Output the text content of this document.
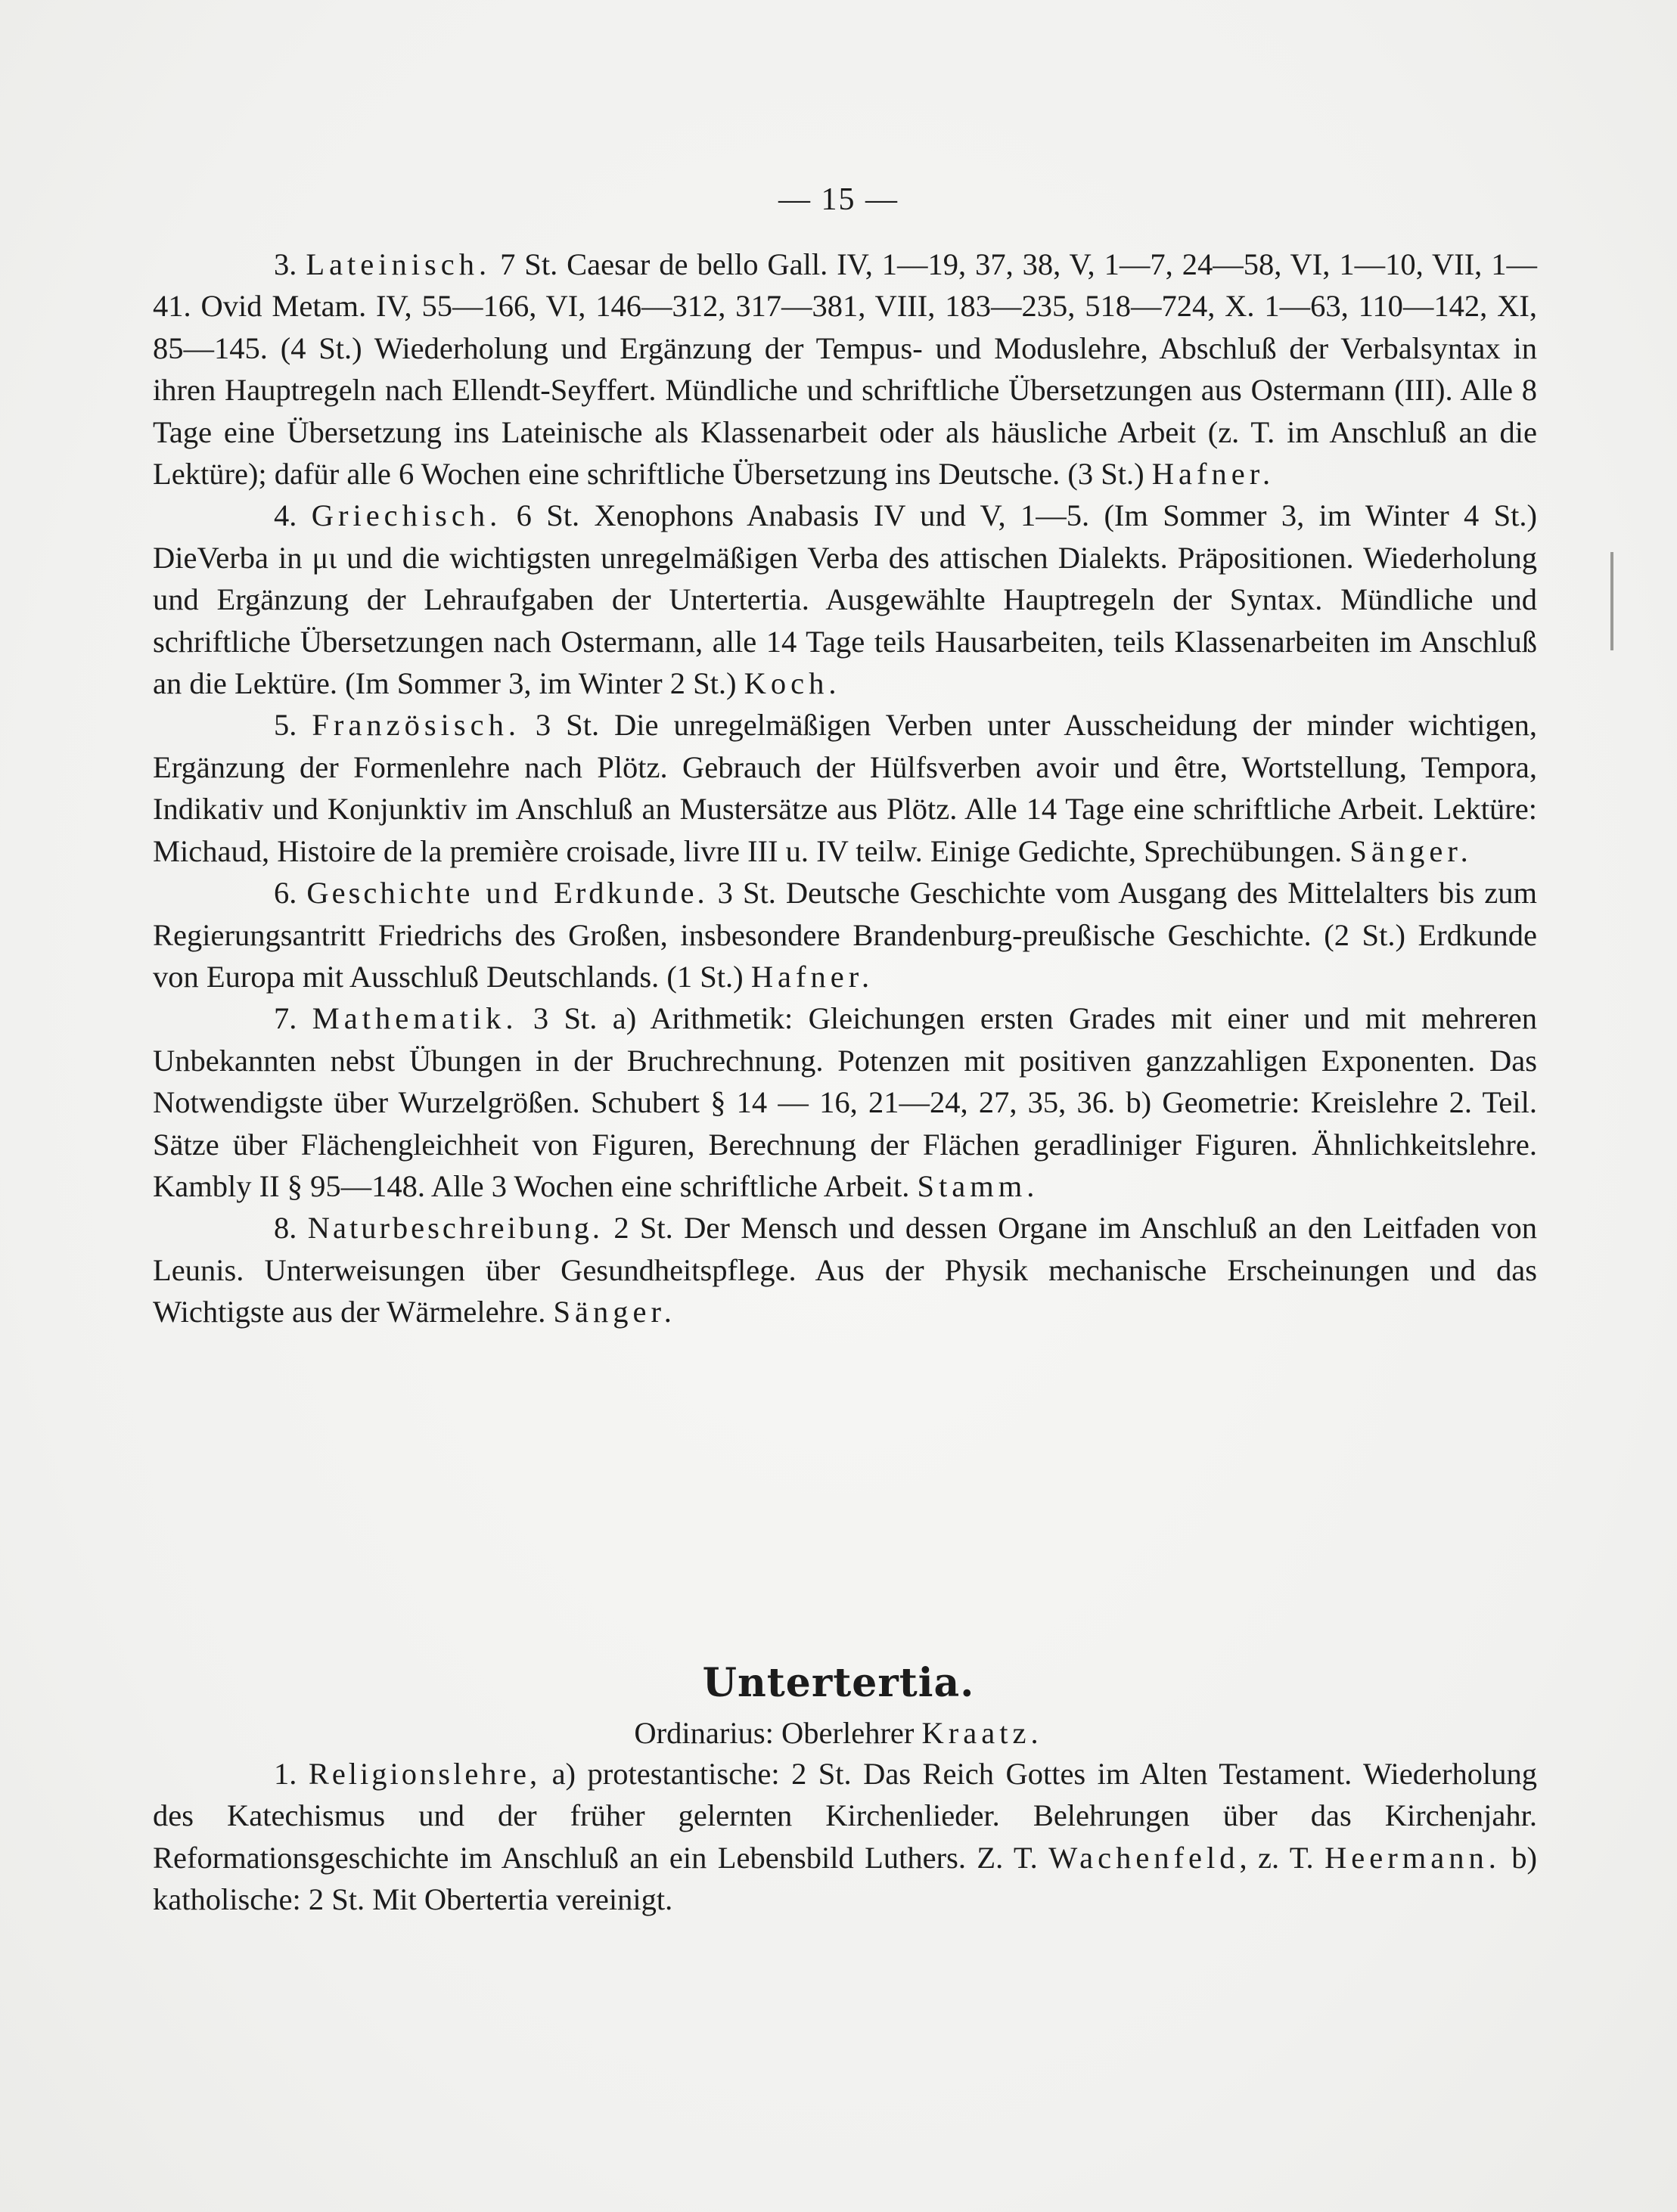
— 15 —

3. Lateinisch. 7 St. Caesar de bello Gall. IV, 1—19, 37, 38, V, 1—7, 24—58, VI, 1—10, VII, 1—41. Ovid Metam. IV, 55—166, VI, 146—312, 317—381, VIII, 183—235, 518—724, X. 1—63, 110—142, XI, 85—145. (4 St.) Wiederholung und Ergänzung der Tempus- und Moduslehre, Abschluß der Verbalsyntax in ihren Hauptregeln nach Ellendt-Seyffert. Mündliche und schriftliche Übersetzungen aus Ostermann (III). Alle 8 Tage eine Übersetzung ins Lateinische als Klassenarbeit oder als häusliche Arbeit (z. T. im Anschluß an die Lektüre); dafür alle 6 Wochen eine schriftliche Übersetzung ins Deutsche. (3 St.) Hafner.

4. Griechisch. 6 St. Xenophons Anabasis IV und V, 1—5. (Im Sommer 3, im Winter 4 St.) DieVerba in μι und die wichtigsten unregelmäßigen Verba des attischen Dialekts. Präpositionen. Wiederholung und Ergänzung der Lehraufgaben der Untertertia. Ausgewählte Hauptregeln der Syntax. Mündliche und schriftliche Übersetzungen nach Ostermann, alle 14 Tage teils Hausarbeiten, teils Klassenarbeiten im Anschluß an die Lektüre. (Im Sommer 3, im Winter 2 St.) Koch.

5. Französisch. 3 St. Die unregelmäßigen Verben unter Ausscheidung der minder wichtigen, Ergänzung der Formenlehre nach Plötz. Gebrauch der Hülfsverben avoir und être, Wortstellung, Tempora, Indikativ und Konjunktiv im Anschluß an Mustersätze aus Plötz. Alle 14 Tage eine schriftliche Arbeit. Lektüre: Michaud, Histoire de la première croisade, livre III u. IV teilw. Einige Gedichte, Sprechübungen. Sänger.

6. Geschichte und Erdkunde. 3 St. Deutsche Geschichte vom Ausgang des Mittelalters bis zum Regierungsantritt Friedrichs des Großen, insbesondere Brandenburg-preußische Geschichte. (2 St.) Erdkunde von Europa mit Ausschluß Deutschlands. (1 St.) Hafner.

7. Mathematik. 3 St. a) Arithmetik: Gleichungen ersten Grades mit einer und mit mehreren Unbekannten nebst Übungen in der Bruchrechnung. Potenzen mit positiven ganzzahligen Exponenten. Das Notwendigste über Wurzelgrößen. Schubert § 14 — 16, 21—24, 27, 35, 36. b) Geometrie: Kreislehre 2. Teil. Sätze über Flächengleichheit von Figuren, Berechnung der Flächen geradliniger Figuren. Ähnlichkeitslehre. Kambly II § 95—148. Alle 3 Wochen eine schriftliche Arbeit. Stamm.

8. Naturbeschreibung. 2 St. Der Mensch und dessen Organe im Anschluß an den Leitfaden von Leunis. Unterweisungen über Gesundheitspflege. Aus der Physik mechanische Erscheinungen und das Wichtigste aus der Wärmelehre. Sänger.

Untertertia.
Ordinarius: Oberlehrer Kraatz.

1. Religionslehre, a) protestantische: 2 St. Das Reich Gottes im Alten Testament. Wiederholung des Katechismus und der früher gelernten Kirchenlieder. Belehrungen über das Kirchenjahr. Reformationsgeschichte im Anschluß an ein Lebensbild Luthers. Z. T. Wachenfeld, z. T. Heermann. b) katholische: 2 St. Mit Obertertia vereinigt.
